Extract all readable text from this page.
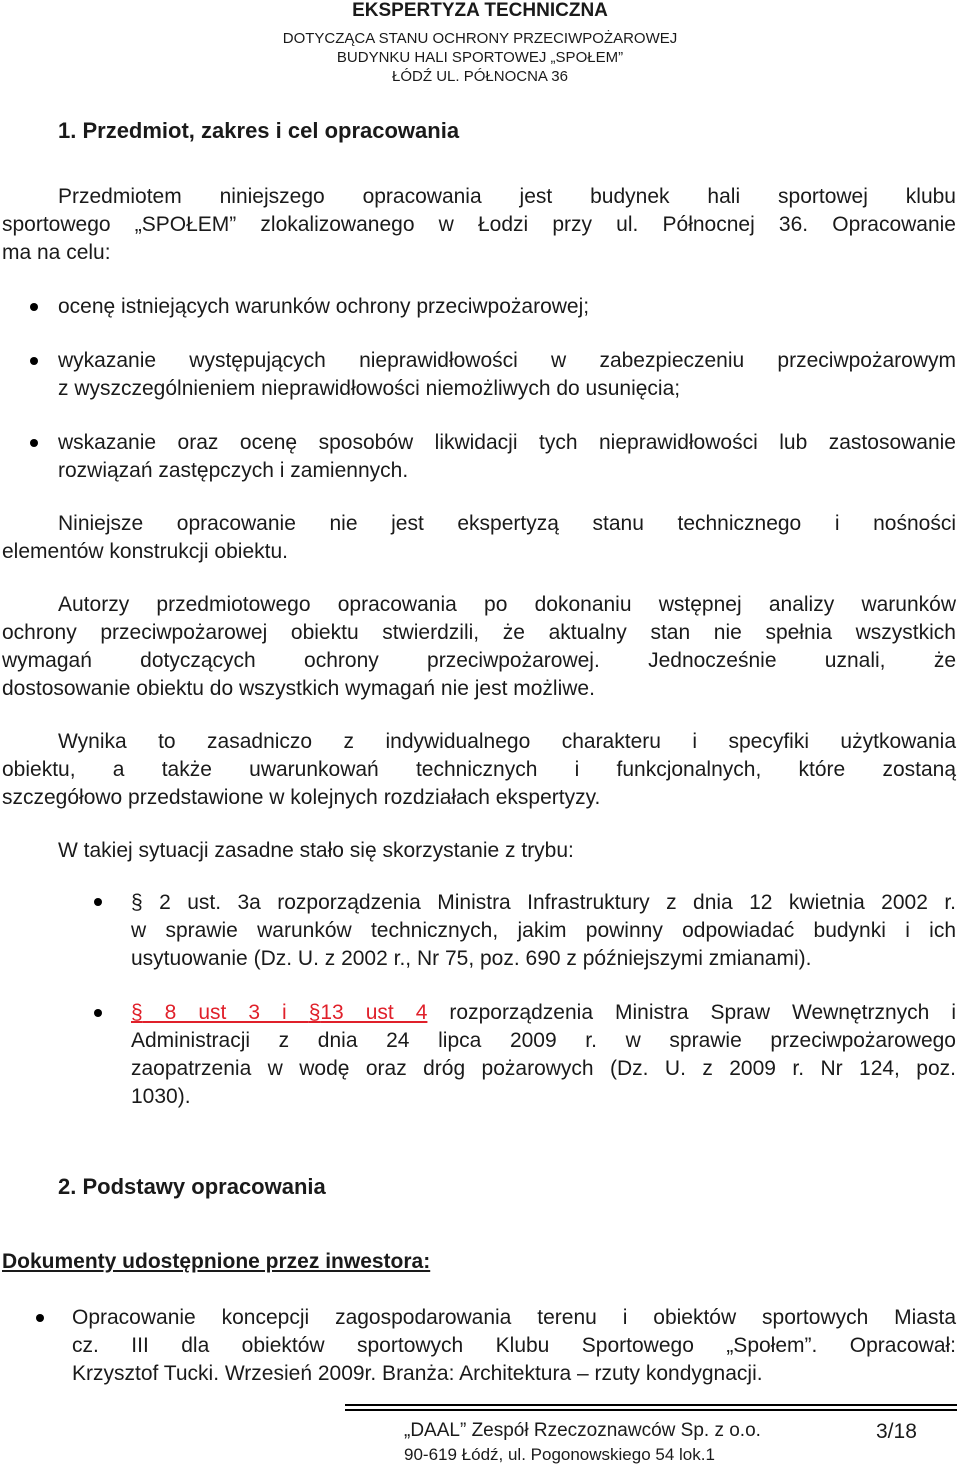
EKSPERTYZA TECHNICZNA
DOTYCZĄCA STANU OCHRONY PRZECIWPOŻAROWEJ
BUDYNKU HALI SPORTOWEJ „SPOŁEM”
ŁÓDŹ UL. PÓŁNOCNA 36
1. Przedmiot, zakres i cel opracowania
Przedmiotem niniejszego opracowania jest budynek hali sportowej klubu
sportowego „SPOŁEM” zlokalizowanego w Łodzi przy ul. Północnej 36. Opracowanie
ma na celu:
ocenę istniejących warunków ochrony przeciwpożarowej;
wykazanie występujących nieprawidłowości w zabezpieczeniu przeciwpożarowym
z wyszczególnieniem nieprawidłowości niemożliwych do usunięcia;
wskazanie oraz ocenę sposobów likwidacji tych nieprawidłowości lub zastosowanie
rozwiązań zastępczych i zamiennych.
Niniejsze opracowanie nie jest ekspertyzą stanu technicznego i nośności
elementów konstrukcji obiektu.
Autorzy przedmiotowego opracowania po dokonaniu wstępnej analizy warunków
ochrony przeciwpożarowej obiektu stwierdzili, że aktualny stan nie spełnia wszystkich
wymagań dotyczących ochrony przeciwpożarowej. Jednocześnie uznali, że
dostosowanie obiektu do wszystkich wymagań nie jest możliwe.
Wynika to zasadniczo z indywidualnego charakteru i specyfiki użytkowania
obiektu, a także uwarunkowań technicznych i funkcjonalnych, które zostaną
szczegółowo przedstawione w kolejnych rozdziałach ekspertyzy.
W takiej sytuacji zasadne stało się skorzystanie z trybu:
§ 2 ust. 3a rozporządzenia Ministra Infrastruktury z dnia 12 kwietnia 2002 r.
w sprawie warunków technicznych, jakim powinny odpowiadać budynki i ich
usytuowanie (Dz. U. z 2002 r., Nr 75, poz. 690 z późniejszymi zmianami).
§ 8 ust 3 i §13 ust 4 rozporządzenia Ministra Spraw Wewnętrznych i
Administracji z dnia 24 lipca 2009 r. w sprawie przeciwpożarowego
zaopatrzenia w wodę oraz dróg pożarowych (Dz. U. z 2009 r. Nr 124, poz.
1030).
2. Podstawy opracowania
Dokumenty udostępnione przez inwestora:
Opracowanie koncepcji zagospodarowania terenu i obiektów sportowych Miasta
cz. III dla obiektów sportowych Klubu Sportowego „Społem”. Opracował:
Krzysztof Tucki. Wrzesień 2009r. Branża: Architektura – rzuty kondygnacji.
„DAAL” Zespół Rzeczoznawców Sp. z o.o.
90-619 Łódź, ul. Pogonowskiego 54 lok.1
3/18
